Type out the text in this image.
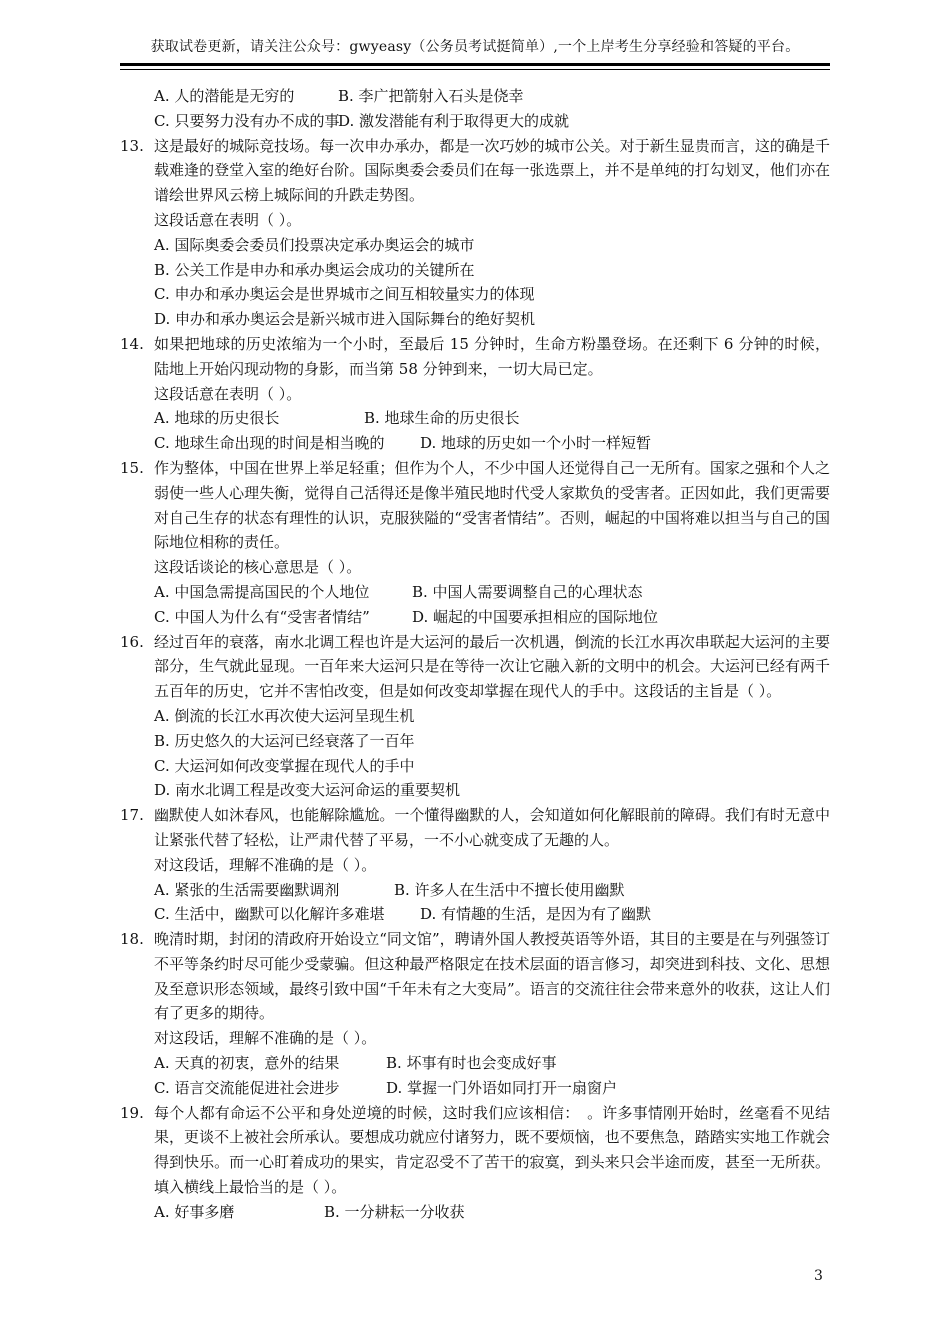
获取试卷更新，请关注公众号：gwyeasy（公务员考试挺简单）,一个上岸考生分享经验和答疑的平台。
A. 人的潜能是无穷的	B. 李广把箭射入石头是侥幸
C. 只要努力没有办不成的事
D. 激发潜能有利于取得更大的成就
13. 这是最好的城际竞技场。每一次申办承办，都是一次巧妙的城市公关。对于新生显贵而言，这的确是千载难逢的登堂入室的绝好台阶。国际奥委会委员们在每一张选票上，并不是单纯的打勾划叉，他们亦在谱绘世界风云榜上城际间的升跌走势图。
这段话意在表明（ ）。
A. 国际奥委会委员们投票决定承办奥运会的城市
B. 公关工作是申办和承办奥运会成功的关键所在
C. 申办和承办奥运会是世界城市之间互相较量实力的体现
D. 申办和承办奥运会是新兴城市进入国际舞台的绝好契机
14. 如果把地球的历史浓缩为一个小时，至最后 15 分钟时，生命方粉墨登场。在还剩下 6 分钟的时候，陆地上开始闪现动物的身影，而当第 58 分钟到来，一切大局已定。
这段话意在表明（ ）。
A. 地球的历史很长	B. 地球生命的历史很长
C. 地球生命出现的时间是相当晚的	D. 地球的历史如一个小时一样短暂
15. 作为整体，中国在世界上举足轻重；但作为个人，不少中国人还觉得自己一无所有。国家之强和个人之弱使一些人心理失衡，觉得自己活得还是像半殖民地时代受人家欺负的受害者。正因如此，我们更需要对自己生存的状态有理性的认识，克服狭隘的“受害者情结”。否则，崛起的中国将难以担当与自己的国际地位相称的责任。
这段话谈论的核心意思是（ ）。
A. 中国急需提高国民的个人地位	B. 中国人需要调整自己的心理状态
C. 中国人为什么有“受害者情结”	D. 崛起的中国要承担相应的国际地位
16. 经过百年的衰落，南水北调工程也许是大运河的最后一次机遇，倒流的长江水再次串联起大运河的主要部分，生气就此显现。一百年来大运河只是在等待一次让它融入新的文明中的机会。大运河已经有两千五百年的历史，它并不害怕改变，但是如何改变却掌握在现代人的手中。这段话的主旨是（ ）。
A. 倒流的长江水再次使大运河呈现生机
B. 历史悠久的大运河已经衰落了一百年
C. 大运河如何改变掌握在现代人的手中
D. 南水北调工程是改变大运河命运的重要契机
17. 幽默使人如沐春风，也能解除尴尬。一个懂得幽默的人，会知道如何化解眼前的障碍。我们有时无意中让紧张代替了轻松，让严肃代替了平易，一不小心就变成了无趣的人。
对这段话，理解不准确的是（ ）。
A. 紧张的生活需要幽默调剂	B. 许多人在生活中不擅长使用幽默
C. 生活中，幽默可以化解许多难堪	D. 有情趣的生活，是因为有了幽默
18. 晚清时期，封闭的清政府开始设立“同文馆”，聘请外国人教授英语等外语，其目的主要是在与列强签订不平等条约时尽可能少受蒙骗。但这种最严格限定在技术层面的语言修习，却突进到科技、文化、思想及至意识形态领域，最终引致中国“千年未有之大变局”。语言的交流往往会带来意外的收获，这让人们有了更多的期待。
对这段话，理解不准确的是（ ）。
A. 天真的初衷，意外的结果	B. 坏事有时也会变成好事
C. 语言交流能促进社会进步	D. 掌握一门外语如同打开一扇窗户
19. 每个人都有命运不公平和身处逆境的时候，这时我们应该相信：　。许多事情刚开始时，丝毫看不见结果，更谈不上被社会所承认。要想成功就应付诸努力，既不要烦恼，也不要焦急，踏踏实实地工作就会得到快乐。而一心盯着成功的果实，肯定忍受不了苦干的寂寞，到头来只会半途而废，甚至一无所获。填入横线上最恰当的是（ ）。
A. 好事多磨	B. 一分耕耘一分收获
3
